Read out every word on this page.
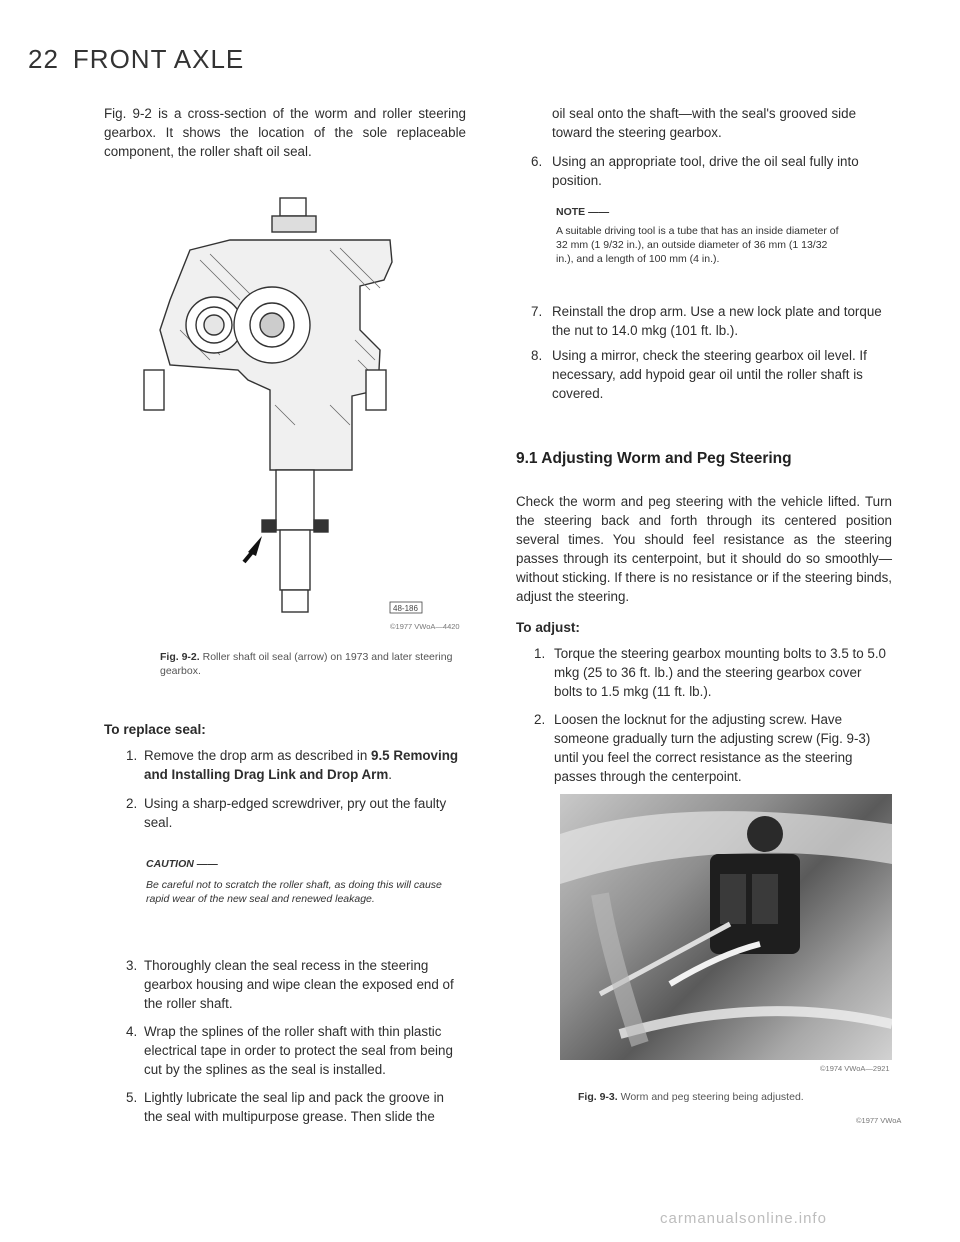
22 FRONT AXLE
Fig. 9-2 is a cross-section of the worm and roller steering gearbox. It shows the location of the sole replaceable component, the roller shaft oil seal.
48-186
©1977 VWoA—4420
Fig. 9-2. Roller shaft oil seal (arrow) on 1973 and later steering gearbox.
To replace seal:
1. Remove the drop arm as described in 9.5 Removing and Installing Drag Link and Drop Arm.
2. Using a sharp-edged screwdriver, pry out the faulty seal.
CAUTION ——
Be careful not to scratch the roller shaft, as doing this will cause rapid wear of the new seal and renewed leakage.
3. Thoroughly clean the seal recess in the steering gearbox housing and wipe clean the exposed end of the roller shaft.
4. Wrap the splines of the roller shaft with thin plastic electrical tape in order to protect the seal from being cut by the splines as the seal is installed.
5. Lightly lubricate the seal lip and pack the groove in the seal with multipurpose grease. Then slide the
oil seal onto the shaft—with the seal's grooved side toward the steering gearbox.
6. Using an appropriate tool, drive the oil seal fully into position.
NOTE ——
A suitable driving tool is a tube that has an inside diameter of 32 mm (1 9/32 in.), an outside diameter of 36 mm (1 13/32 in.), and a length of 100 mm (4 in.).
7. Reinstall the drop arm. Use a new lock plate and torque the nut to 14.0 mkg (101 ft. lb.).
8. Using a mirror, check the steering gearbox oil level. If necessary, add hypoid gear oil until the roller shaft is covered.
9.1 Adjusting Worm and Peg Steering
Check the worm and peg steering with the vehicle lifted. Turn the steering back and forth through its centered position several times. You should feel resistance as the steering passes through its centerpoint, but it should do so smoothly—without sticking. If there is no resistance or if the steering binds, adjust the steering.
To adjust:
1. Torque the steering gearbox mounting bolts to 3.5 to 5.0 mkg (25 to 36 ft. lb.) and the steering gearbox cover bolts to 1.5 mkg (11 ft. lb.).
2. Loosen the locknut for the adjusting screw. Have someone gradually turn the adjusting screw (Fig. 9-3) until you feel the correct resistance as the steering passes through the centerpoint.
©1974 VWoA—2921
Fig. 9-3. Worm and peg steering being adjusted.
©1977 VWoA
carmanualsonline.info
